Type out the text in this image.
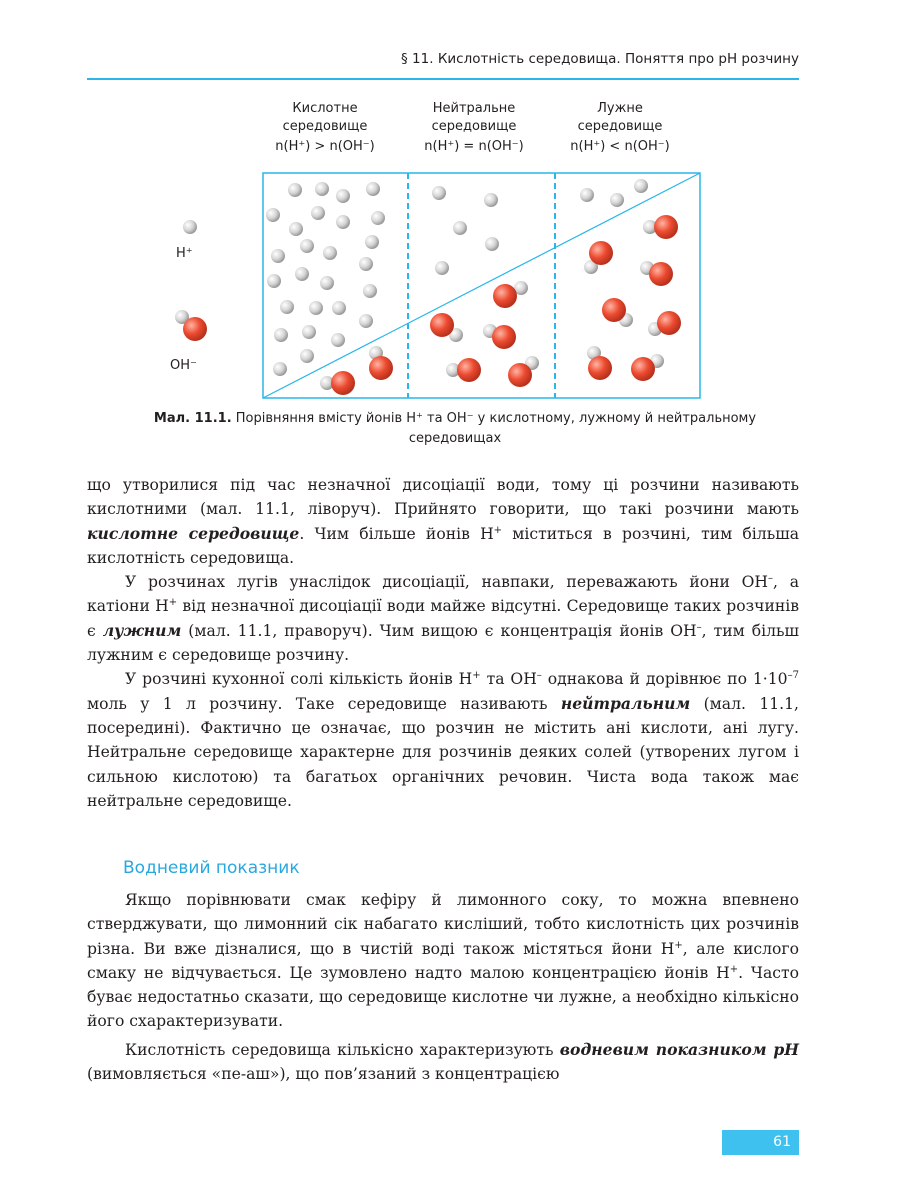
§ 11. Кислотність середовища. Поняття про pH розчину
Кислотне
середовище
n(H⁺) > n(OH⁻)
Нейтральне
середовище
n(H⁺) = n(OH⁻)
Лужне
середовище
n(H⁺) < n(OH⁻)
H⁺
OH⁻
Мал. 11.1. Порівняння вмісту йонів H⁺ та OH⁻ у кислотному, лужному й нейтральному середовищах

що утворилися під час незначної дисоціації води, тому ці розчини називають кислотними (мал. 11.1, ліворуч). Прийнято говорити, що такі розчини мають кислотне середовище. Чим більше йонів H+ міститься в розчині, тим більша кислотність середовища.

У розчинах лугів унаслідок дисоціації, навпаки, переважають йони OH–, а катіони H+ від незначної дисоціації води майже відсутні. Середовище таких розчинів є лужним (мал. 11.1, праворуч). Чим вищою є концентрація йонів OH–, тим більш лужним є середовище розчину.

У розчині кухонної солі кількість йонів H+ та OH– однакова й дорівнює по $1\cdot 10^{-7}$ моль у 1 л розчину. Таке середовище називають нейтральним (мал. 11.1, посередині). Фактично це означає, що розчин не містить ані кислоти, ані лугу. Нейтральне середовище характерне для розчинів деяких солей (утворених лугом і сильною кислотою) та багатьох органічних речовин. Чиста вода також має нейтральне середовище.

Водневий показник

Якщо порівнювати смак кефіру й лимонного соку, то можна впевнено стверджувати, що лимонний сік набагато кисліший, тобто кислотність цих розчинів різна. Ви вже дізналися, що в чистій воді також містяться йони H+, але кислого смаку не відчувається. Це зумовлено надто малою концентрацією йонів H+. Часто буває недостатньо сказати, що середовище кислотне чи лужне, а необхідно кількісно його схарактеризувати.

Кислотність середовища кількісно характеризують водневим показником pH (вимовляється «пе-аш»), що пов’язаний з концентрацією

61
